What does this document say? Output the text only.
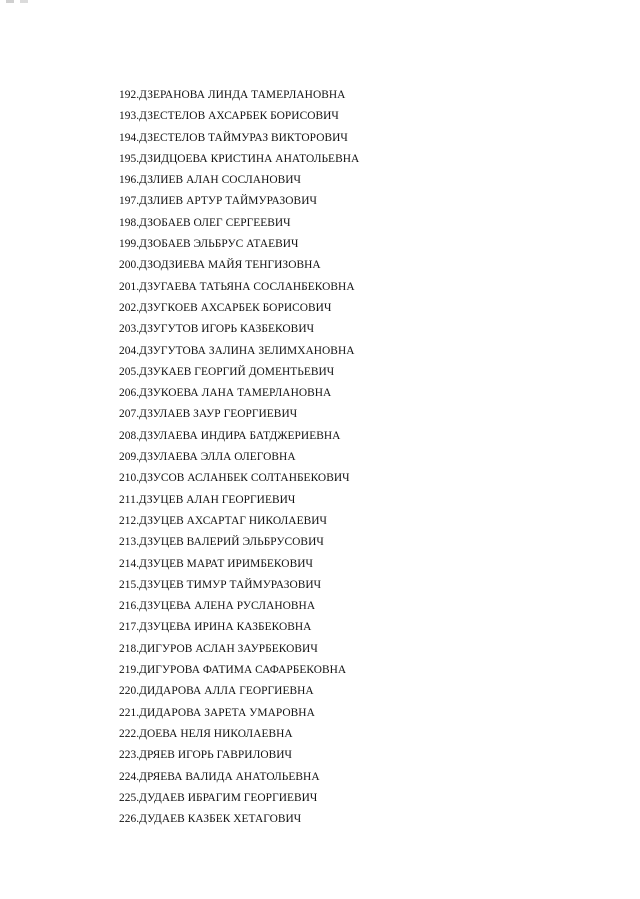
192.ДЗЕРАНОВА ЛИНДА ТАМЕРЛАНОВНА
193.ДЗЕСТЕЛОВ АХСАРБЕК БОРИСОВИЧ
194.ДЗЕСТЕЛОВ ТАЙМУРАЗ ВИКТОРОВИЧ
195.ДЗИДЦОЕВА КРИСТИНА АНАТОЛЬЕВНА
196.ДЗЛИЕВ АЛАН СОСЛАНОВИЧ
197.ДЗЛИЕВ АРТУР ТАЙМУРАЗОВИЧ
198.ДЗОБАЕВ ОЛЕГ СЕРГЕЕВИЧ
199.ДЗОБАЕВ ЭЛЬБРУС АТАЕВИЧ
200.ДЗОДЗИЕВА МАЙЯ ТЕНГИЗОВНА
201.ДЗУГАЕВА ТАТЬЯНА СОСЛАНБЕКОВНА
202.ДЗУГКОЕВ АХСАРБЕК БОРИСОВИЧ
203.ДЗУГУТОВ ИГОРЬ КАЗБЕКОВИЧ
204.ДЗУГУТОВА ЗАЛИНА ЗЕЛИМХАНОВНА
205.ДЗУКАЕВ ГЕОРГИЙ ДОМЕНТЬЕВИЧ
206.ДЗУКОЕВА ЛАНА ТАМЕРЛАНОВНА
207.ДЗУЛАЕВ ЗАУР ГЕОРГИЕВИЧ
208.ДЗУЛАЕВА ИНДИРА БАТДЖЕРИЕВНА
209.ДЗУЛАЕВА ЭЛЛА ОЛЕГОВНА
210.ДЗУСОВ АСЛАНБЕК СОЛТАНБЕКОВИЧ
211.ДЗУЦЕВ АЛАН ГЕОРГИЕВИЧ
212.ДЗУЦЕВ АХСАРТАГ НИКОЛАЕВИЧ
213.ДЗУЦЕВ ВАЛЕРИЙ ЭЛЬБРУСОВИЧ
214.ДЗУЦЕВ МАРАТ ИРИМБЕКОВИЧ
215.ДЗУЦЕВ ТИМУР ТАЙМУРАЗОВИЧ
216.ДЗУЦЕВА АЛЕНА РУСЛАНОВНА
217.ДЗУЦЕВА ИРИНА КАЗБЕКОВНА
218.ДИГУРОВ АСЛАН ЗАУРБЕКОВИЧ
219.ДИГУРОВА ФАТИМА САФАРБЕКОВНА
220.ДИДАРОВА АЛЛА ГЕОРГИЕВНА
221.ДИДАРОВА ЗАРЕТА УМАРОВНА
222.ДОЕВА НЕЛЯ НИКОЛАЕВНА
223.ДРЯЕВ ИГОРЬ ГАВРИЛОВИЧ
224.ДРЯЕВА ВАЛИДА АНАТОЛЬЕВНА
225.ДУДАЕВ ИБРАГИМ ГЕОРГИЕВИЧ
226.ДУДАЕВ КАЗБЕК ХЕТАГОВИЧ
